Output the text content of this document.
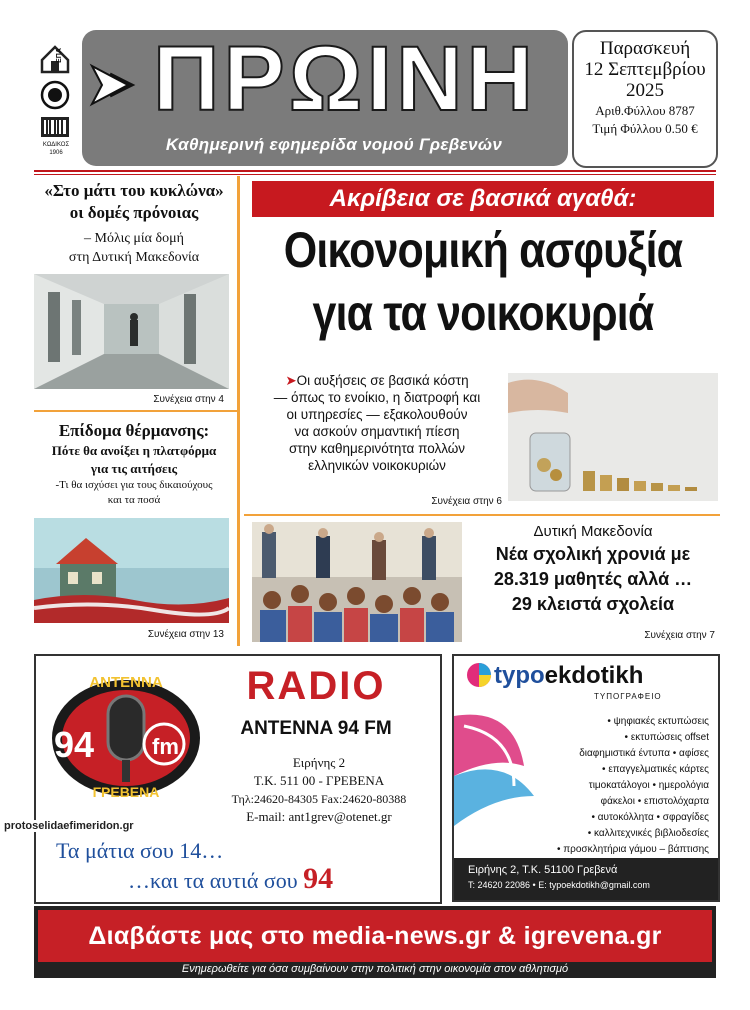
ΕΠΑ
ΚΩΔΙΚΟΣ
1906
ΠΡΩΙΝΗ
Καθημερινή εφημερίδα νομού Γρεβενών
Παρασκευή
12 Σεπτεμβρίου
2025
Αριθ.Φύλλου 8787
Τιμή Φύλλου 0.50 €
«Στο μάτι του κυκλώνα»
οι δομές πρόνοιας
– Μόλις μία δομή
στη Δυτική Μακεδονία
Συνέχεια στην 4
Επίδομα θέρμανσης:
Πότε θα ανοίξει η πλατφόρμα
για τις αιτήσεις
-Τι θα ισχύσει για τους δικαιούχους
και τα ποσά
Συνέχεια στην 13
Ακρίβεια σε βασικά αγαθά:
Οικονομική ασφυξία
για τα νοικοκυριά
➤Οι αυξήσεις σε βασικά κόστη
— όπως το ενοίκιο, η διατροφή και
οι υπηρεσίες — εξακολουθούν
να ασκούν σημαντική πίεση
στην καθημερινότητα πολλών
ελληνικών νοικοκυριών
Συνέχεια στην 6
Δυτική Μακεδονία
Νέα σχολική χρονιά με
28.319 μαθητές αλλά …
29 κλειστά σχολεία
Συνέχεια στην 7
ΑΝΤΕΝΝΑ
94	fm
ΓΡΕΒΕΝΑ
RADIO
ANTENNA 94 FM
Ειρήνης 2
Τ.Κ. 511 00 - ΓΡΕΒΕΝΑ
Τηλ:24620-84305 Fax:24620-80388
E-mail: ant1grev@otenet.gr
Τα μάτια σου 14…
…και τα αυτιά σου 94
protoselidaefimeridon.gr
typoekdotikh
ΤΥΠΟΓΡΑΦΕΙΟ
• ψηφιακές εκτυπώσεις
• εκτυπώσεις offset
διαφημιστικά έντυπα • αφίσες
• επαγγελματικές κάρτες
τιμοκατάλογοι • ημερολόγια
φάκελοι • επιστολόχαρτα
• αυτοκόλλητα • σφραγίδες
• καλλιτεχνικές βιβλιοδεσίες
• προσκλητήρια γάμου – βάπτισης
Ειρήνης 2, Τ.Κ. 51100 Γρεβενά
T: 24620 22086 • E: typoekdotikh@gmail.com
Διαβάστε μας στο media-news.gr & igrevena.gr
Ενημερωθείτε για όσα συμβαίνουν στην πολιτική στην οικονομία στον αθλητισμό
